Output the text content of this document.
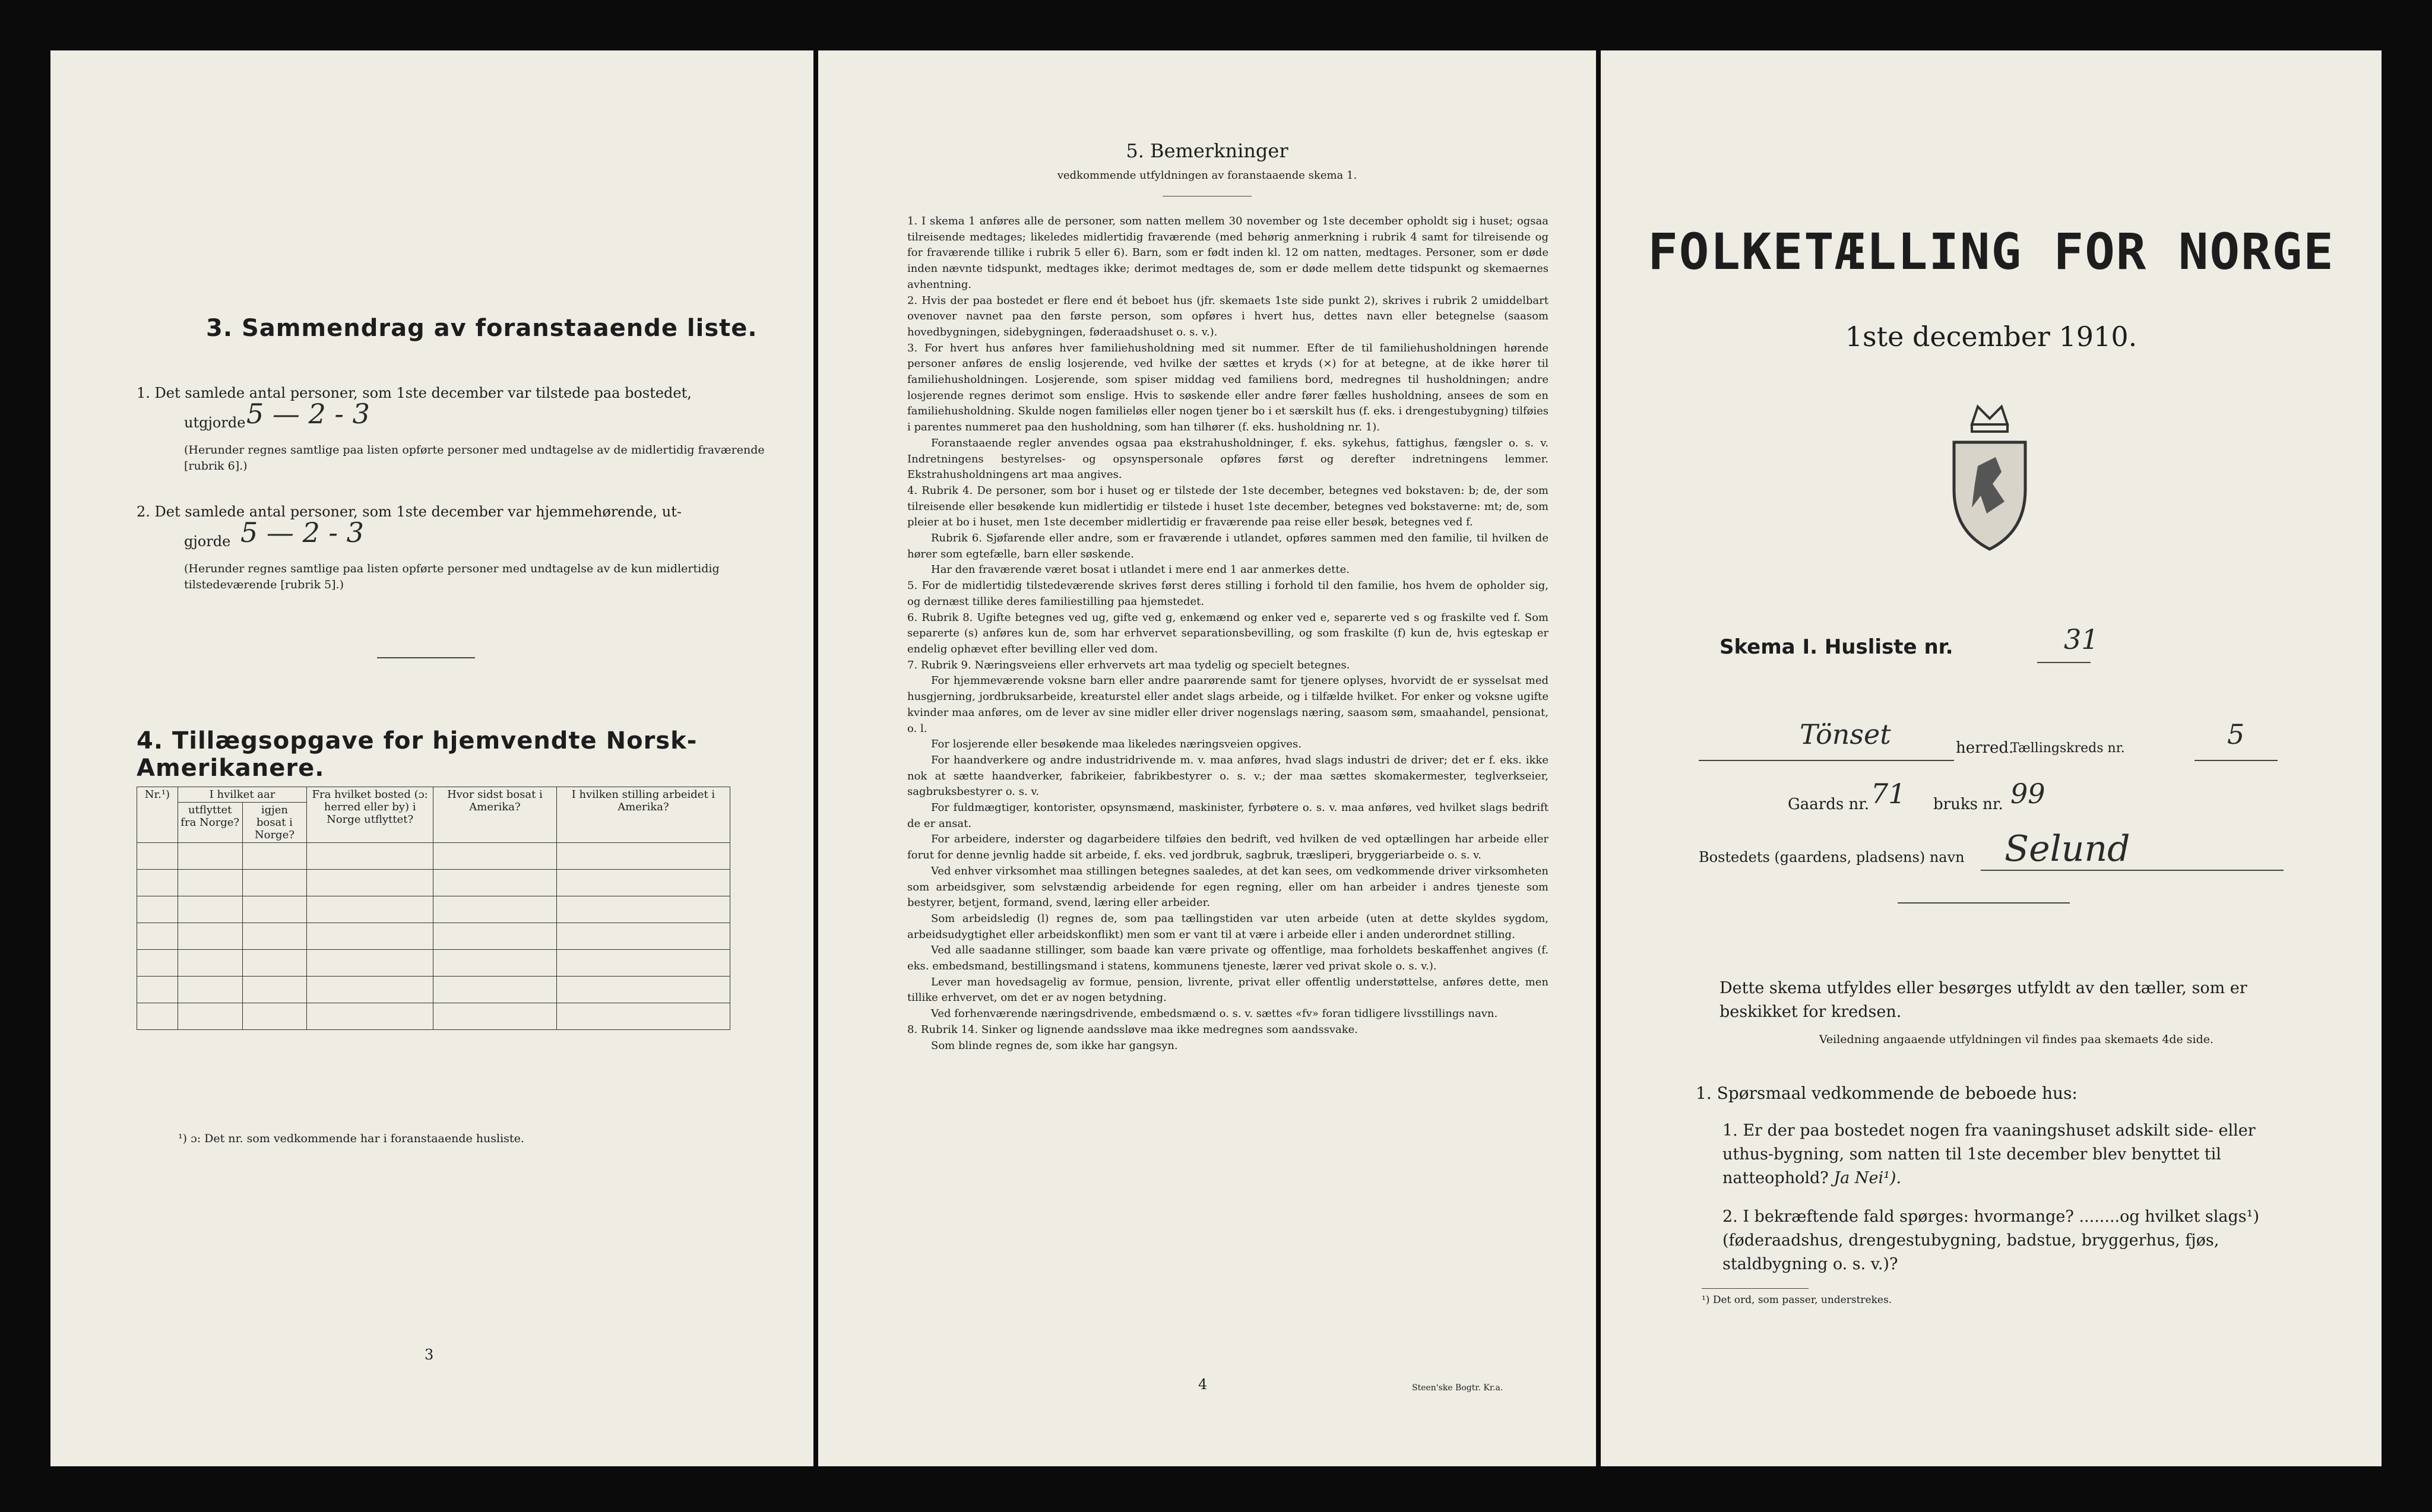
3. Sammendrag av foranstaaende liste.
1. Det samlede antal personer, som 1ste december var tilstede paa bostedet,
utgjorde 5 — 2 - 3
(Herunder regnes samtlige paa listen opførte personer med undtagelse av de midlertidig fraværende [rubrik 6].)
2. Det samlede antal personer, som 1ste december var hjemmehørende, ut-
gjorde 5 — 2 - 3
(Herunder regnes samtlige paa listen opførte personer med undtagelse av de kun midlertidig tilstedeværende [rubrik 5].)
4. Tillægsopgave for hjemvendte Norsk-Amerikanere.
Nr.¹)	I hvilket aar		Fra hvilket bosted (ɔ: herred eller by) i Norge utflyttet?	Hvor sidst bosat i Amerika?	I hvilken stilling arbeidet i Amerika?
	utflyttet fra Norge?	igjen bosat i Norge?			

¹) ɔ: Det nr. som vedkommende har i foranstaaende husliste.
3
5. Bemerkninger
vedkommende utfyldningen av foranstaaende skema 1.

1. I skema 1 anføres alle de personer, som natten mellem 30 november og 1ste december opholdt sig i huset; ogsaa tilreisende medtages; likeledes midlertidig fraværende (med behørig anmerkning i rubrik 4 samt for tilreisende og for fraværende tillike i rubrik 5 eller 6). Barn, som er født inden kl. 12 om natten, medtages. Personer, som er døde inden nævnte tidspunkt, medtages ikke; derimot medtages de, som er døde mellem dette tidspunkt og skemaernes avhentning.

2. Hvis der paa bostedet er flere end ét beboet hus (jfr. skemaets 1ste side punkt 2), skrives i rubrik 2 umiddelbart ovenover navnet paa den første person, som opføres i hvert hus, dettes navn eller betegnelse (saasom hovedbygningen, sidebygningen, føderaadshuset o. s. v.).

3. For hvert hus anføres hver familiehusholdning med sit nummer. Efter de til familiehusholdningen hørende personer anføres de enslig losjerende, ved hvilke der sættes et kryds (×) for at betegne, at de ikke hører til familiehusholdningen. Losjerende, som spiser middag ved familiens bord, medregnes til husholdningen; andre losjerende regnes derimot som enslige. Hvis to søskende eller andre fører fælles husholdning, ansees de som en familiehusholdning. Skulde nogen familieløs eller nogen tjener bo i et særskilt hus (f. eks. i drengestubygning) tilføies i parentes nummeret paa den husholdning, som han tilhører (f. eks. husholdning nr. 1).

Foranstaaende regler anvendes ogsaa paa ekstrahusholdninger, f. eks. sykehus, fattighus, fængsler o. s. v. Indretningens bestyrelses- og opsynspersonale opføres først og derefter indretningens lemmer. Ekstrahusholdningens art maa angives.

4. Rubrik 4. De personer, som bor i huset og er tilstede der 1ste december, betegnes ved bokstaven: b; de, der som tilreisende eller besøkende kun midlertidig er tilstede i huset 1ste december, betegnes ved bokstaverne: mt; de, som pleier at bo i huset, men 1ste december midlertidig er fraværende paa reise eller besøk, betegnes ved f.

Rubrik 6. Sjøfarende eller andre, som er fraværende i utlandet, opføres sammen med den familie, til hvilken de hører som egtefælle, barn eller søskende.

Har den fraværende været bosat i utlandet i mere end 1 aar anmerkes dette.

5. For de midlertidig tilstedeværende skrives først deres stilling i forhold til den familie, hos hvem de opholder sig, og dernæst tillike deres familiestilling paa hjemstedet.

6. Rubrik 8. Ugifte betegnes ved ug, gifte ved g, enkemænd og enker ved e, separerte ved s og fraskilte ved f. Som separerte (s) anføres kun de, som har erhvervet separationsbevilling, og som fraskilte (f) kun de, hvis egteskap er endelig ophævet efter bevilling eller ved dom.

7. Rubrik 9. Næringsveiens eller erhvervets art maa tydelig og specielt betegnes.

For hjemmeværende voksne barn eller andre paarørende samt for tjenere oplyses, hvorvidt de er sysselsat med husgjerning, jordbruksarbeide, kreaturstel eller andet slags arbeide, og i tilfælde hvilket. For enker og voksne ugifte kvinder maa anføres, om de lever av sine midler eller driver nogenslags næring, saasom søm, smaahandel, pensionat, o. l.

For losjerende eller besøkende maa likeledes næringsveien opgives.

For haandverkere og andre industridrivende m. v. maa anføres, hvad slags industri de driver; det er f. eks. ikke nok at sætte haandverker, fabrikeier, fabrikbestyrer o. s. v.; der maa sættes skomakermester, teglverkseier, sagbruksbestyrer o. s. v.

For fuldmægtiger, kontorister, opsynsmænd, maskinister, fyrbøtere o. s. v. maa anføres, ved hvilket slags bedrift de er ansat.

For arbeidere, inderster og dagarbeidere tilføies den bedrift, ved hvilken de ved optællingen har arbeide eller forut for denne jevnlig hadde sit arbeide, f. eks. ved jordbruk, sagbruk, træsliperi, bryggeriarbeide o. s. v.

Ved enhver virksomhet maa stillingen betegnes saaledes, at det kan sees, om vedkommende driver virksomheten som arbeidsgiver, som selvstændig arbeidende for egen regning, eller om han arbeider i andres tjeneste som bestyrer, betjent, formand, svend, læring eller arbeider.

Som arbeidsledig (l) regnes de, som paa tællingstiden var uten arbeide (uten at dette skyldes sygdom, arbeidsudygtighet eller arbeidskonflikt) men som er vant til at være i arbeide eller i anden underordnet stilling.

Ved alle saadanne stillinger, som baade kan være private og offentlige, maa forholdets beskaffenhet angives (f. eks. embedsmand, bestillingsmand i statens, kommunens tjeneste, lærer ved privat skole o. s. v.).

Lever man hovedsagelig av formue, pension, livrente, privat eller offentlig understøttelse, anføres dette, men tillike erhvervet, om det er av nogen betydning.

Ved forhenværende næringsdrivende, embedsmænd o. s. v. sættes «fv» foran tidligere livsstillings navn.

8. Rubrik 14. Sinker og lignende aandssløve maa ikke medregnes som aandssvake.

Som blinde regnes de, som ikke har gangsyn.

4	Steen'ske Bogtr. Kr.a.
FOLKETÆLLING FOR NORGE
1ste december 1910.
Skema I. Husliste nr.	31
Tönset	herred.
Tællingskreds nr.	5
Gaards nr. 71 bruks nr. 99
Bostedets (gaardens, pladsens) navn Selund
Dette skema utfyldes eller besørges utfyldt av den tæller, som er beskikket for kredsen.
Veiledning angaaende utfyldningen vil findes paa skemaets 4de side.
1. Spørsmaal vedkommende de beboede hus:
1. Er der paa bostedet nogen fra vaaningshuset adskilt side- eller uthus-bygning, som natten til 1ste december blev benyttet til natteophold? Ja Nei¹).
2. I bekræftende fald spørges: hvormange? ........og hvilket slags¹) (føderaadshus, drengestubygning, badstue, bryggerhus, fjøs, staldbygning o. s. v.)?
¹) Det ord, som passer, understrekes.
